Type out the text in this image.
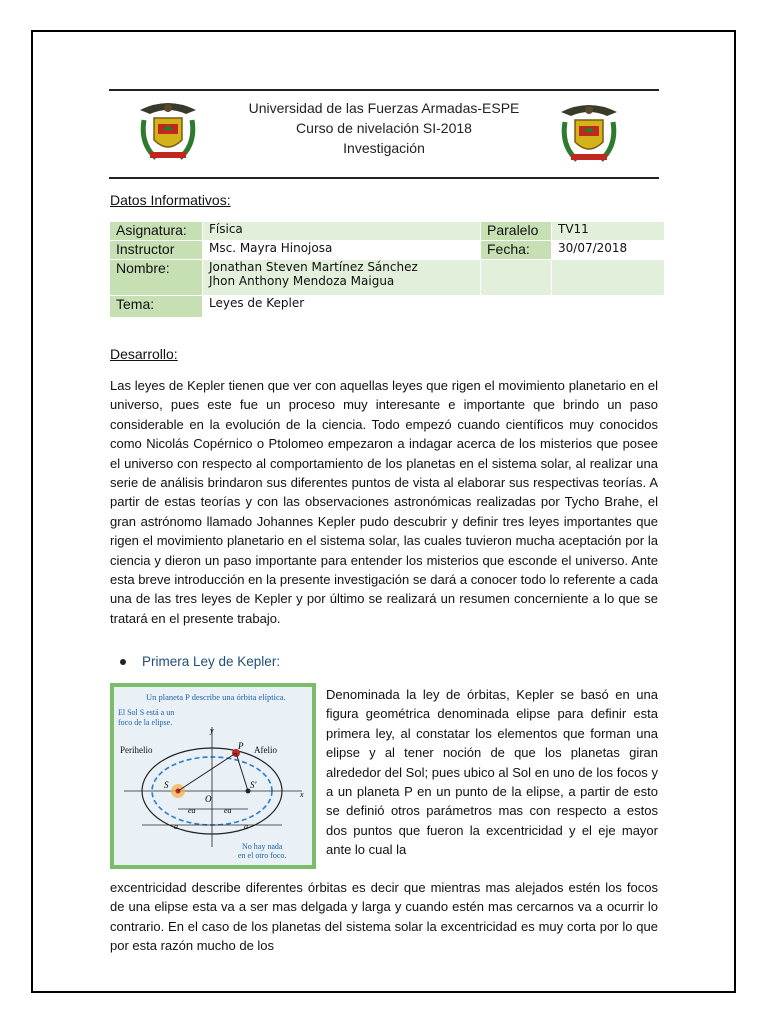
Universidad de las Fuerzas Armadas-ESPE
Curso de nivelación SI-2018
Investigación
Datos Informativos:
Asignatura:	Física	Paralelo	TV11
Instructor	Msc. Mayra Hinojosa	Fecha:	30/07/2018
Nombre:	Jonathan Steven Martínez Sánchez
Jhon Anthony Mendoza Maigua		

Tema:	Leyes de Kepler		
Desarrollo:

Las leyes de Kepler tienen que ver con aquellas leyes que rigen el movimiento planetario en el universo, pues este fue un proceso muy interesante e importante que brindo un paso considerable en la evolución de la ciencia. Todo empezó cuando científicos muy conocidos como Nicolás Copérnico o Ptolomeo empezaron a indagar acerca de los misterios que posee el universo con respecto al comportamiento de los planetas en el sistema solar, al realizar una serie de análisis brindaron sus diferentes puntos de vista al elaborar sus respectivas teorías. A partir de estas teorías y con las observaciones astronómicas realizadas por Tycho Brahe, el gran astrónomo llamado Johannes Kepler pudo descubrir y definir tres leyes importantes que rigen el movimiento planetario en el sistema solar, las cuales tuvieron mucha aceptación por la ciencia y dieron un paso importante para entender los misterios que esconde el universo. Ante esta breve introducción en la presente investigación se dará a conocer todo lo referente a cada una de las tres leyes de Kepler y por último se realizará un resumen concerniente a lo que se tratará en el presente trabajo.

Primera Ley de Kepler:
Un planeta P describe una órbita elíptica.
El Sol S está a un
foco de la elipse.
Perihelio	Afelio
y
x
P
S
O
S'
ea	ea
a	a
No hay nada
en el otro foco.

Denominada la ley de órbitas, Kepler se basó en una figura geométrica denominada elipse para definir esta primera ley, al constatar los elementos que forman una elipse y al tener noción de que los planetas giran alrededor del Sol; pues ubico al Sol en uno de los focos y a un planeta P en un punto de la elipse, a partir de esto se definió otros parámetros mas con respecto a estos dos puntos que fueron la excentricidad y el eje mayor ante lo cual la

excentricidad describe diferentes órbitas es decir que mientras mas alejados estén los focos de una elipse esta va a ser mas delgada y larga y cuando estén mas cercarnos va a ocurrir lo contrario. En el caso de los planetas del sistema solar la excentricidad es muy corta por lo que por esta razón mucho de los
